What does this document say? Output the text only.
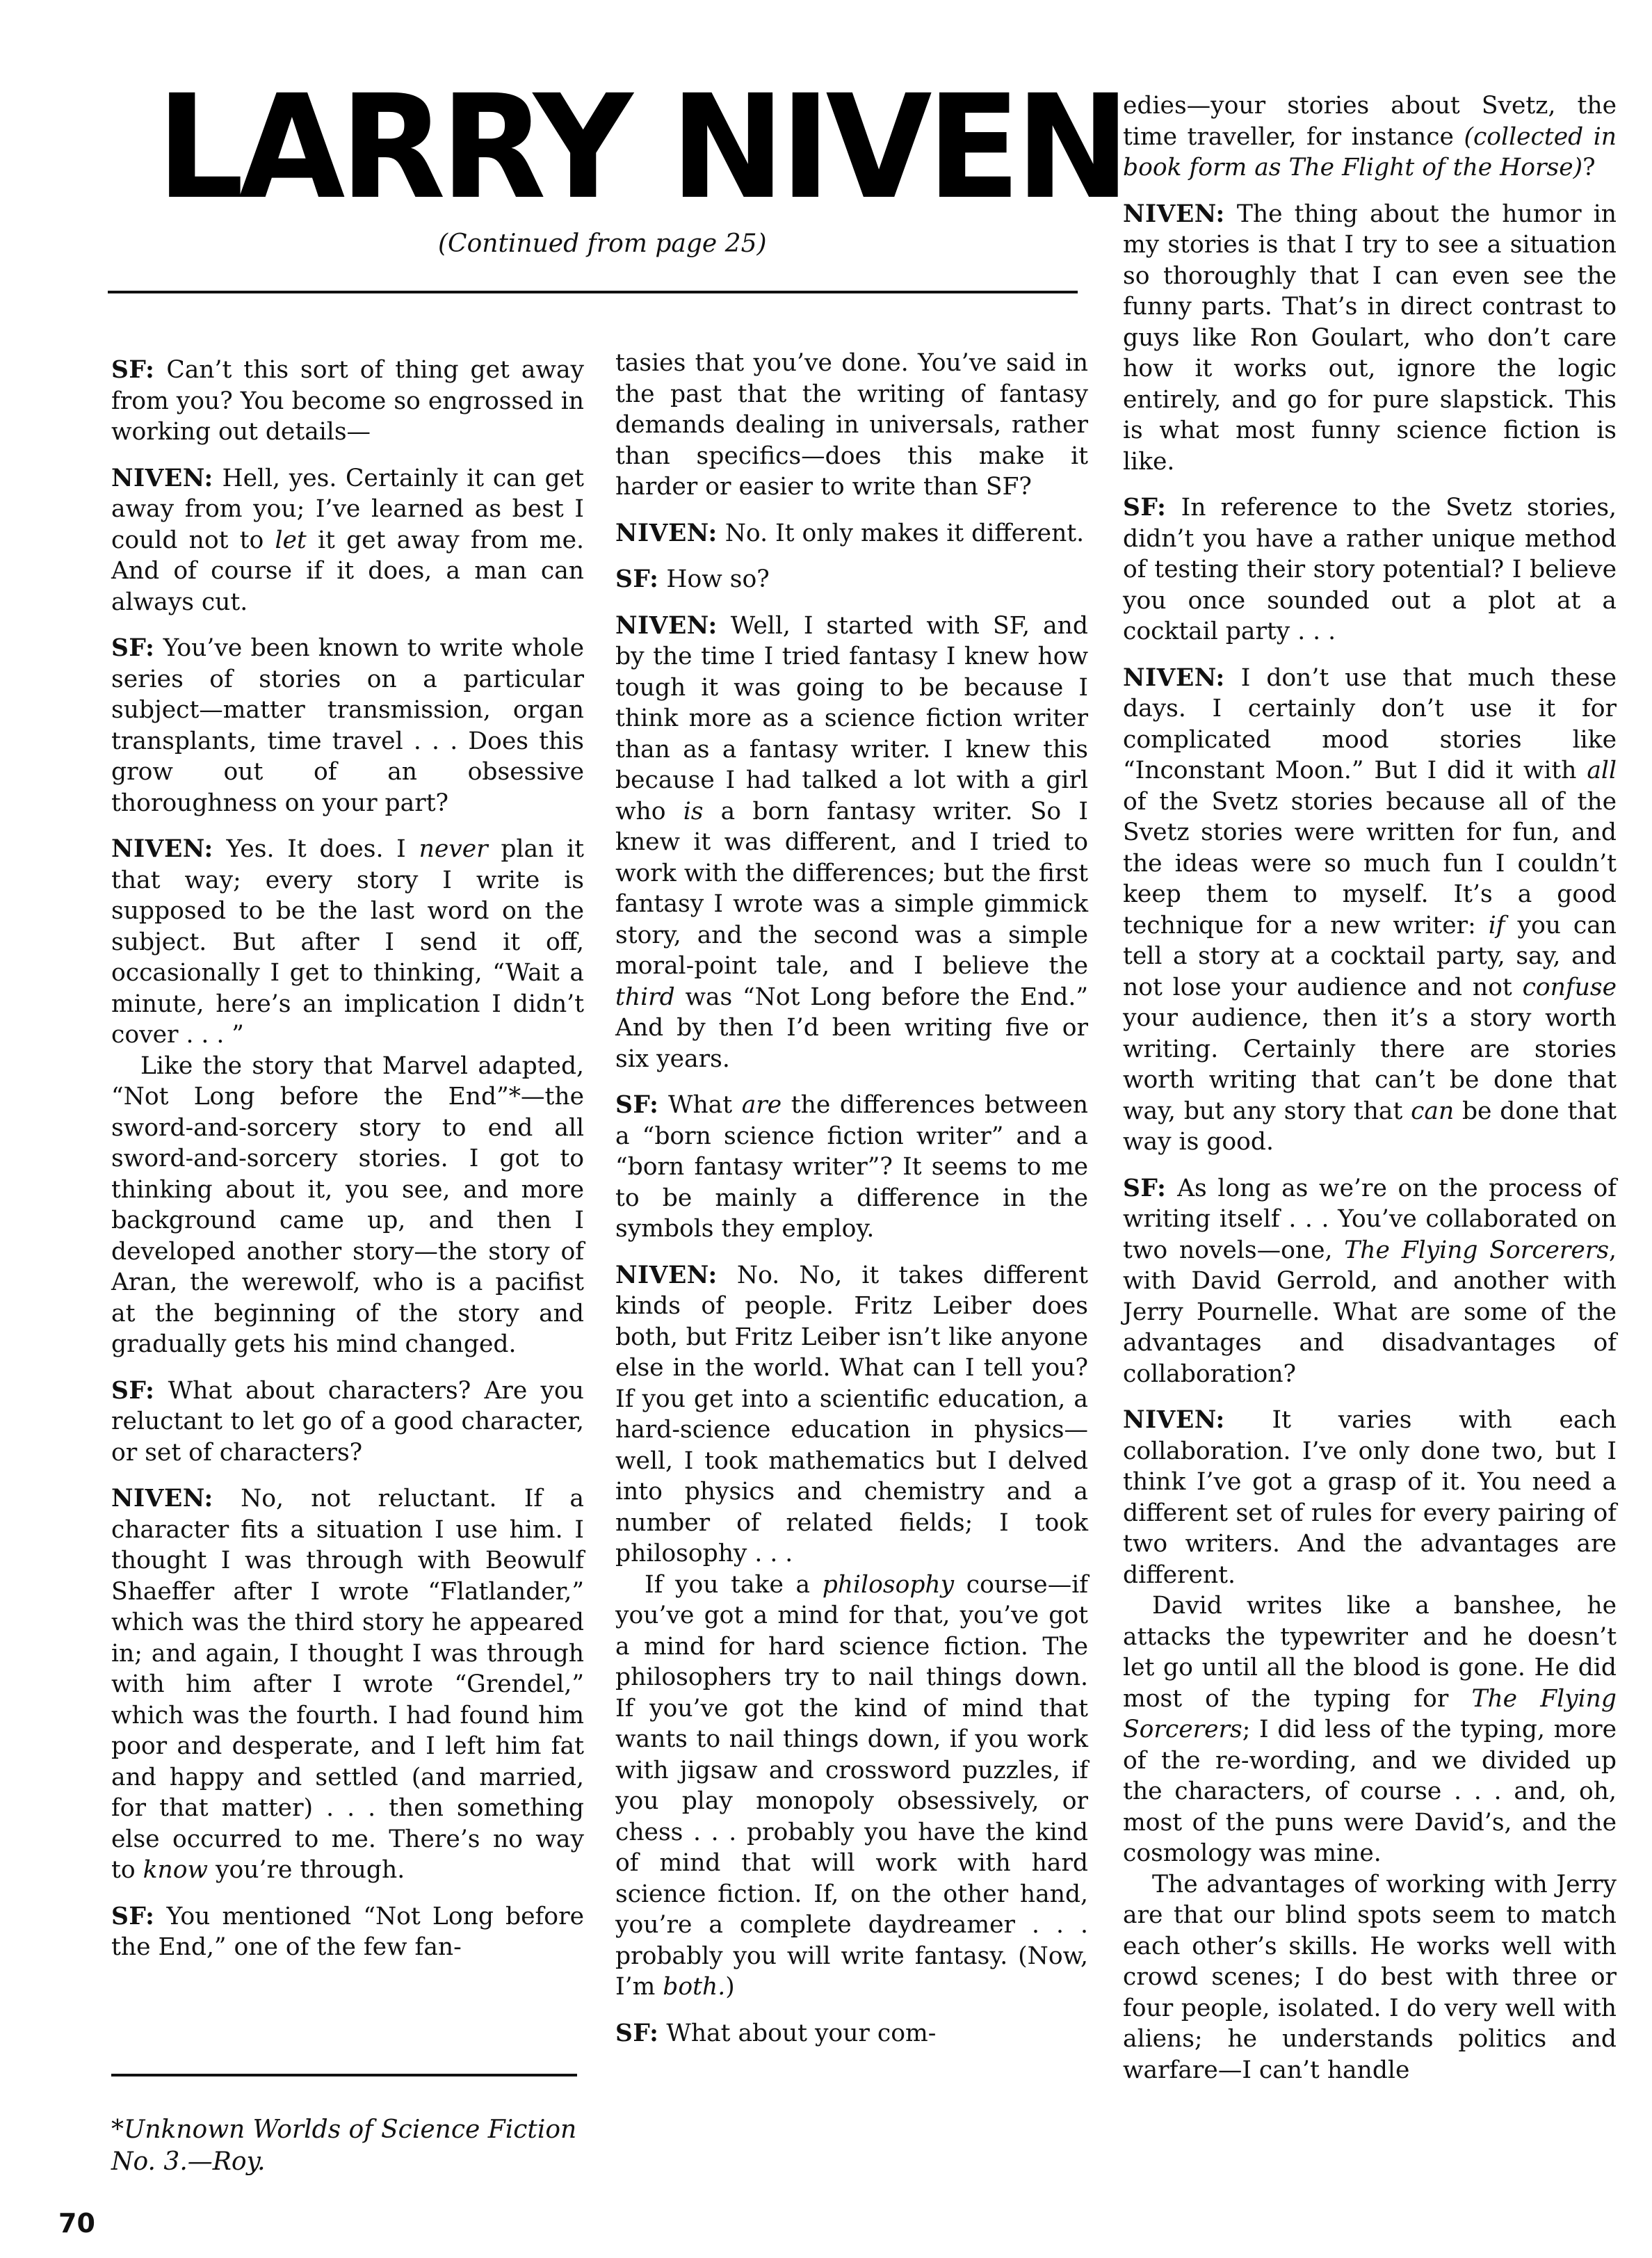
LARRY NIVEN
(Continued from page 25)

SF: Can’t this sort of thing get away from you? You become so engrossed in working out details—

NIVEN: Hell, yes. Certainly it can get away from you; I’ve learned as best I could not to let it get away from me. And of course if it does, a man can always cut.

SF: You’ve been known to write whole series of stories on a particular subject—matter transmission, organ transplants, time travel . . . Does this grow out of an obsessive thoroughness on your part?

NIVEN: Yes. It does. I never plan it that way; every story I write is supposed to be the last word on the subject. But after I send it off, occasionally I get to thinking, “Wait a minute, here’s an implication I didn’t cover . . . ”

Like the story that Marvel adapted, “Not Long before the End”*—the sword-and-sorcery story to end all sword-and-sorcery stories. I got to thinking about it, you see, and more background came up, and then I developed another story—the story of Aran, the werewolf, who is a pacifist at the beginning of the story and gradually gets his mind changed.

SF: What about characters? Are you reluctant to let go of a good character, or set of characters?

NIVEN: No, not reluctant. If a character fits a situation I use him. I thought I was through with Beowulf Shaeffer after I wrote “Flatlander,” which was the third story he appeared in; and again, I thought I was through with him after I wrote “Grendel,” which was the fourth. I had found him poor and desperate, and I left him fat and happy and settled (and married, for that matter) . . . then something else occurred to me. There’s no way to know you’re through.

SF: You mentioned “Not Long before the End,” one of the few fan-

*Unknown Worlds of Science Fiction No. 3.—Roy.
70

tasies that you’ve done. You’ve said in the past that the writing of fantasy demands dealing in universals, rather than specifics—does this make it harder or easier to write than SF?

NIVEN: No. It only makes it different.

SF: How so?

NIVEN: Well, I started with SF, and by the time I tried fantasy I knew how tough it was going to be because I think more as a science fiction writer than as a fantasy writer. I knew this because I had talked a lot with a girl who is a born fantasy writer. So I knew it was different, and I tried to work with the differences; but the first fantasy I wrote was a simple gimmick story, and the second was a simple moral-point tale, and I believe the third was “Not Long before the End.” And by then I’d been writing five or six years.

SF: What are the differences between a “born science fiction writer” and a “born fantasy writer”? It seems to me to be mainly a difference in the symbols they employ.

NIVEN: No. No, it takes different kinds of people. Fritz Leiber does both, but Fritz Leiber isn’t like anyone else in the world. What can I tell you? If you get into a scientific education, a hard-science education in physics—well, I took mathematics but I delved into physics and chemistry and a number of related fields; I took philosophy . . .

If you take a philosophy course—if you’ve got a mind for that, you’ve got a mind for hard science fiction. The philosophers try to nail things down. If you’ve got the kind of mind that wants to nail things down, if you work with jigsaw and crossword puzzles, if you play monopoly obsessively, or chess . . . probably you have the kind of mind that will work with hard science fiction. If, on the other hand, you’re a complete daydreamer . . . probably you will write fantasy. (Now, I’m both.)

SF: What about your com-

edies—your stories about Svetz, the time traveller, for instance (collected in book form as The Flight of the Horse)?

NIVEN: The thing about the humor in my stories is that I try to see a situation so thoroughly that I can even see the funny parts. That’s in direct contrast to guys like Ron Goulart, who don’t care how it works out, ignore the logic entirely, and go for pure slapstick. This is what most funny science fiction is like.

SF: In reference to the Svetz stories, didn’t you have a rather unique method of testing their story potential? I believe you once sounded out a plot at a cocktail party . . .

NIVEN: I don’t use that much these days. I certainly don’t use it for complicated mood stories like “Inconstant Moon.” But I did it with all of the Svetz stories because all of the Svetz stories were written for fun, and the ideas were so much fun I couldn’t keep them to myself. It’s a good technique for a new writer: if you can tell a story at a cocktail party, say, and not lose your audience and not confuse your audience, then it’s a story worth writing. Certainly there are stories worth writing that can’t be done that way, but any story that can be done that way is good.

SF: As long as we’re on the process of writing itself . . . You’ve collaborated on two novels—one, The Flying Sorcerers, with David Gerrold, and another with Jerry Pournelle. What are some of the advantages and disadvantages of collaboration?

NIVEN: It varies with each collaboration. I’ve only done two, but I think I’ve got a grasp of it. You need a different set of rules for every pairing of two writers. And the advantages are different.

David writes like a banshee, he attacks the typewriter and he doesn’t let go until all the blood is gone. He did most of the typing for The Flying Sorcerers; I did less of the typing, more of the re-wording, and we divided up the characters, of course . . . and, oh, most of the puns were David’s, and the cosmology was mine.

The advantages of working with Jerry are that our blind spots seem to match each other’s skills. He works well with crowd scenes; I do best with three or four people, isolated. I do very well with aliens; he understands politics and warfare—I can’t handle
